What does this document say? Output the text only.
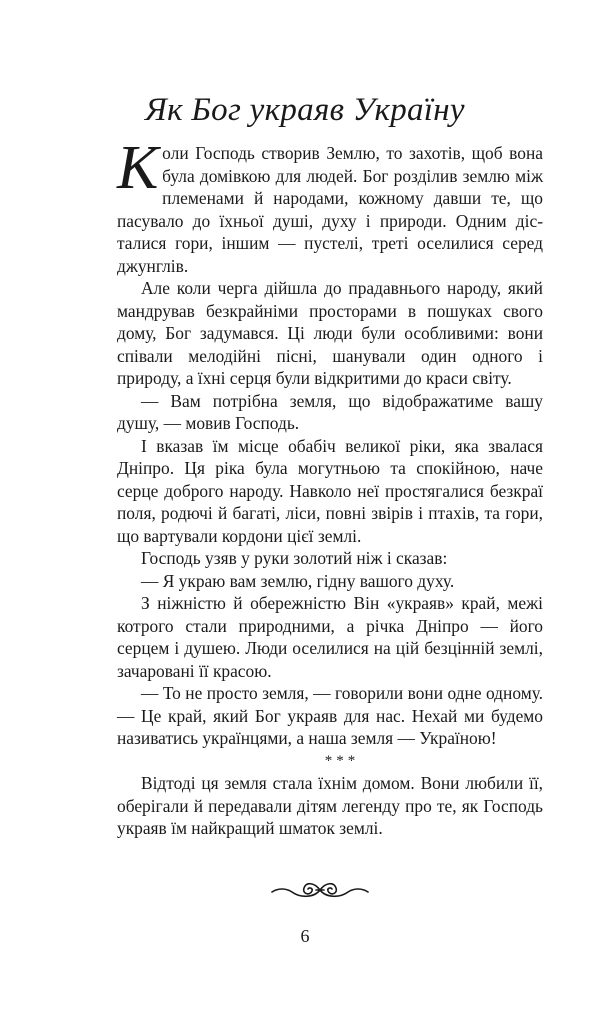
Як Бог украяв Україну

Коли Господь створив Землю, то захотів, щоб вона була домівкою для людей. Бог розділив землю між племенами й народами, кожному давши те, що пасувало до їхньої душі, духу і природи. Одним дісталися гори, іншим — пустелі, треті оселилися серед джунглів.

Але коли черга дійшла до прадавнього народу, який мандрував безкрайніми просторами в пошуках свого дому, Бог задумався. Ці люди були особливими: вони співали мелодійні пісні, шанували один одного і природу, а їхні серця були відкритими до краси світу.

— Вам потрібна земля, що відображатиме вашу душу, — мовив Господь.

І вказав їм місце обабіч великої ріки, яка звалася Дніпро. Ця ріка була могутньою та спокійною, наче серце доброго народу. Навколо неї простягалися безкраї поля, родючі й багаті, ліси, повні звірів і птахів, та гори, що вартували кордони цієї землі.

Господь узяв у руки золотий ніж і сказав:

— Я украю вам землю, гідну вашого духу.

З ніжністю й обережністю Він «украяв» край, межі котрого стали природними, а річка Дніпро — його серцем і душею. Люди оселилися на цій безцінній землі, зачаровані її красою.

— То не просто земля, — говорили вони одне одному. — Це край, який Бог украяв для нас. Нехай ми будемо називатись українцями, а наша земля — Україною!

***

Відтоді ця земля стала їхнім домом. Вони любили її, оберігали й передавали дітям легенду про те, як Господь украяв їм найкращий шматок землі.

6
